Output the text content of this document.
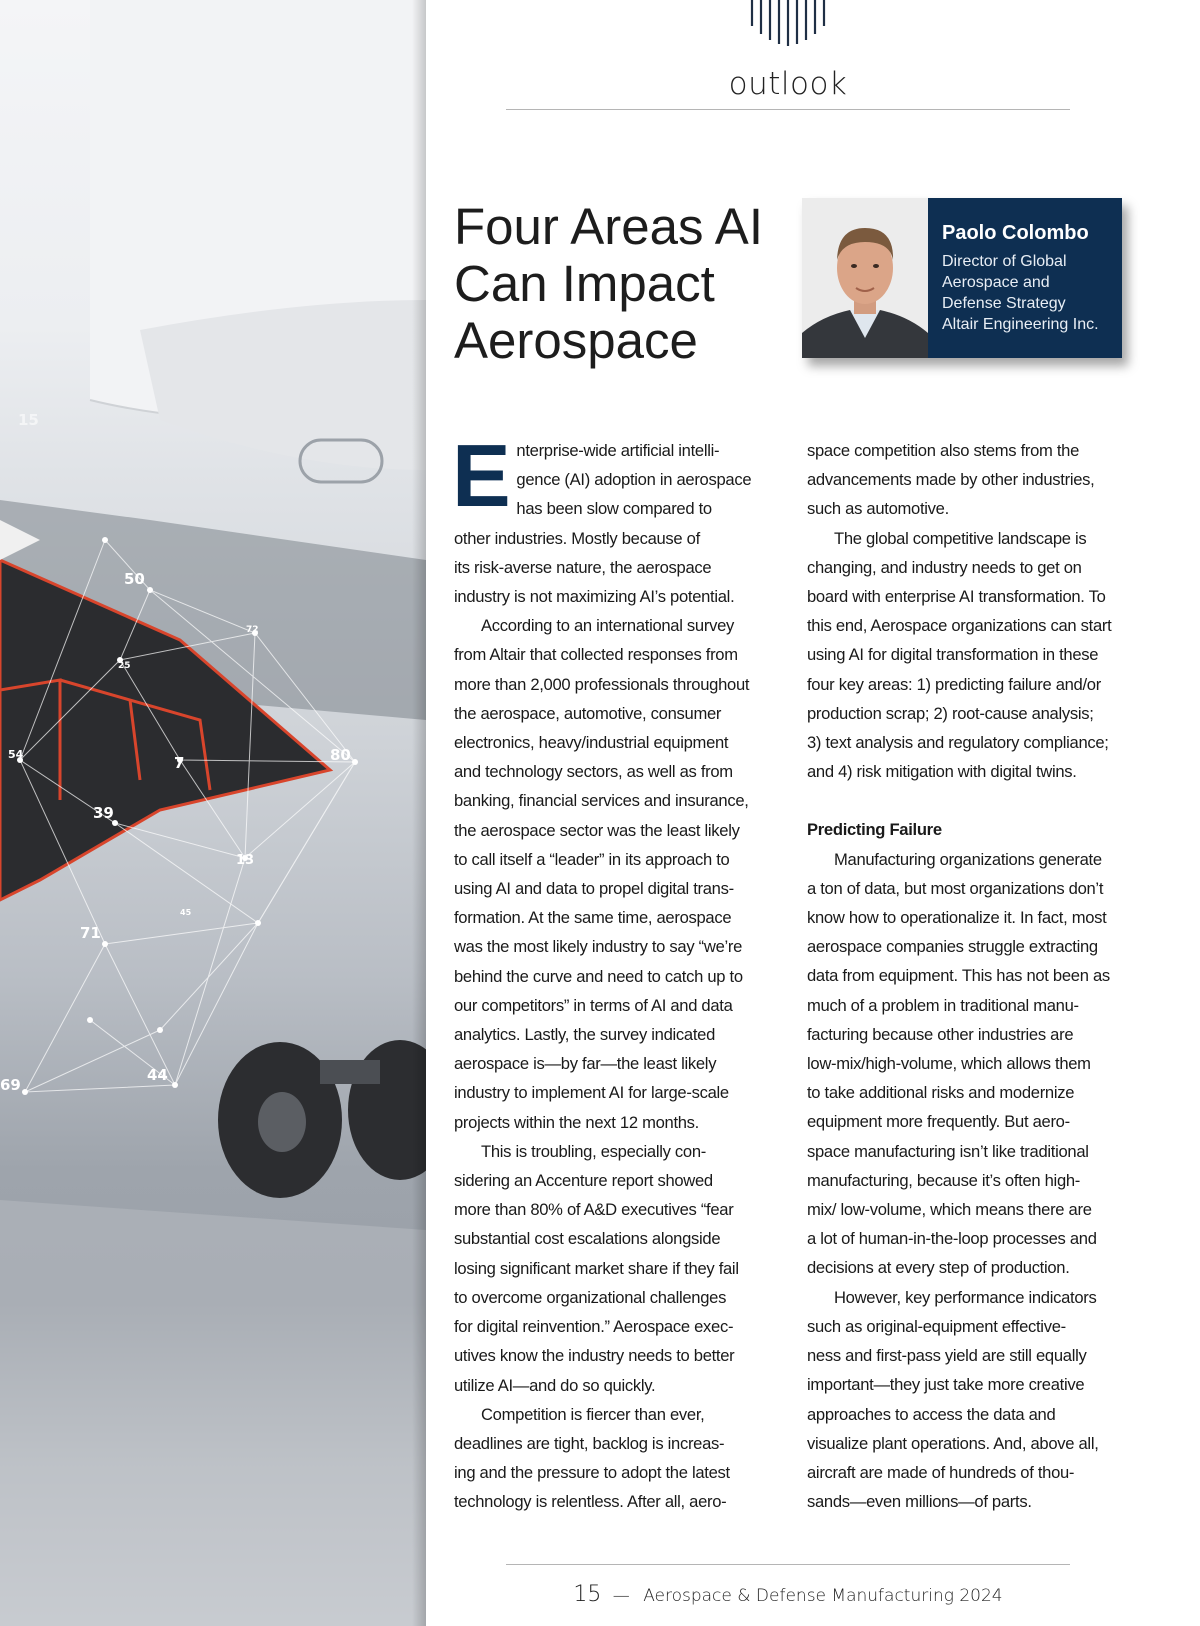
15
50
72
25
54	7	80
39
13
45
71
44
69
outlook
Four Areas AI
Can Impact
Aerospace
Paolo Colombo
Director of Global
Aerospace and
Defense Strategy
Altair Engineering Inc.
E nterprise-wide artificial intelli-
gence (AI) adoption in aerospace
has been slow compared to
other industries. Mostly because of
its risk-averse nature, the aerospace
industry is not maximizing AI’s potential.
According to an international survey
from Altair that collected responses from
more than 2,000 professionals throughout
the aerospace, automotive, consumer
electronics, heavy/industrial equipment
and technology sectors, as well as from
banking, financial services and insurance,
the aerospace sector was the least likely
to call itself a “leader” in its approach to
using AI and data to propel digital trans-
formation. At the same time, aerospace
was the most likely industry to say “we’re
behind the curve and need to catch up to
our competitors” in terms of AI and data
analytics. Lastly, the survey indicated
aerospace is—by far—the least likely
industry to implement AI for large-scale
projects within the next 12 months.
This is troubling, especially con-
sidering an Accenture report showed
more than 80% of A&D executives “fear
substantial cost escalations alongside
losing significant market share if they fail
to overcome organizational challenges
for digital reinvention.” Aerospace exec-
utives know the industry needs to better
utilize AI—and do so quickly.
Competition is fiercer than ever,
deadlines are tight, backlog is increas-
ing and the pressure to adopt the latest
technology is relentless. After all, aero-
space competition also stems from the
advancements made by other industries,
such as automotive.
The global competitive landscape is
changing, and industry needs to get on
board with enterprise AI transformation. To
this end, Aerospace organizations can start
using AI for digital transformation in these
four key areas: 1) predicting failure and/or
production scrap; 2) root-cause analysis;
3) text analysis and regulatory compliance;
and 4) risk mitigation with digital twins.
Predicting Failure
Manufacturing organizations generate
a ton of data, but most organizations don’t
know how to operationalize it. In fact, most
aerospace companies struggle extracting
data from equipment. This has not been as
much of a problem in traditional manu-
facturing because other industries are
low-mix/high-volume, which allows them
to take additional risks and modernize
equipment more frequently. But aero-
space manufacturing isn’t like traditional
manufacturing, because it’s often high-
mix/ low-volume, which means there are
a lot of human-in-the-loop processes and
decisions at every step of production.
However, key performance indicators
such as original-equipment effective-
ness and first-pass yield are still equally
important—they just take more creative
approaches to access the data and
visualize plant operations. And, above all,
aircraft are made of hundreds of thou-
sands—even millions—of parts.
15 — Aerospace & Defense Manufacturing 2024
